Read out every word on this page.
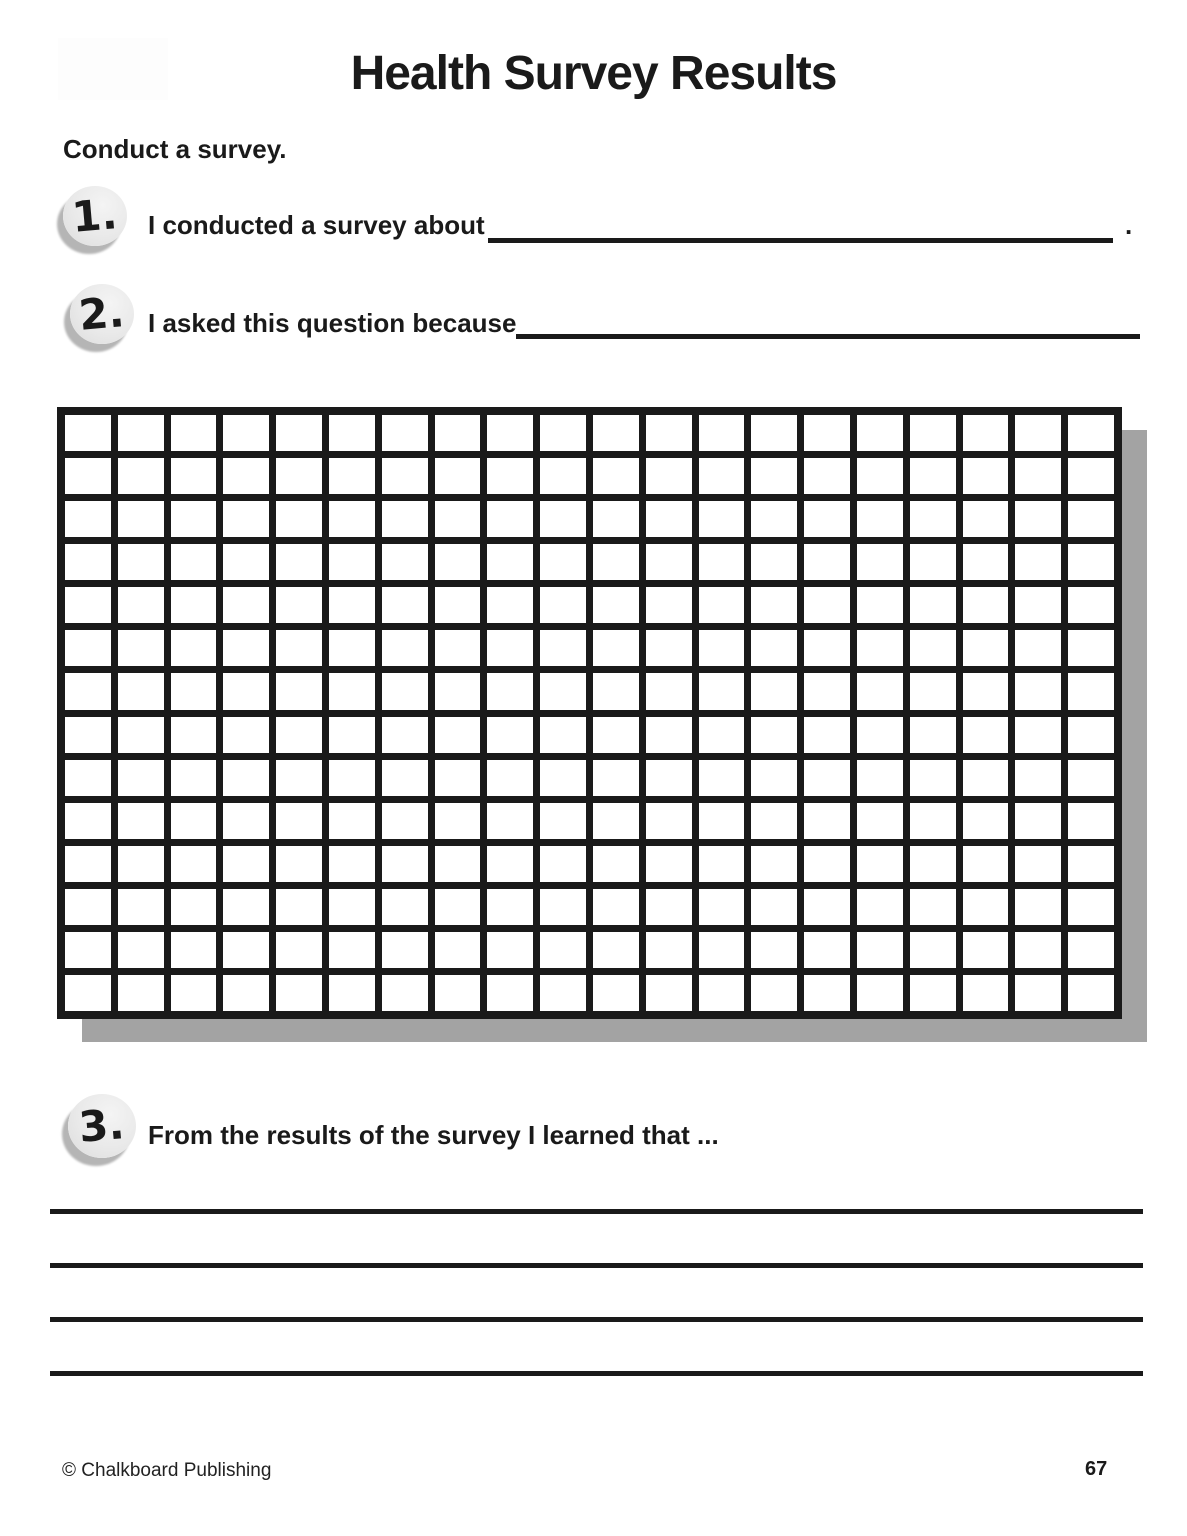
Health Survey Results
Conduct a survey.
1. I conducted a survey about	.
2. I asked this question because
3. From the results of the survey I learned that ...
© Chalkboard Publishing	67
